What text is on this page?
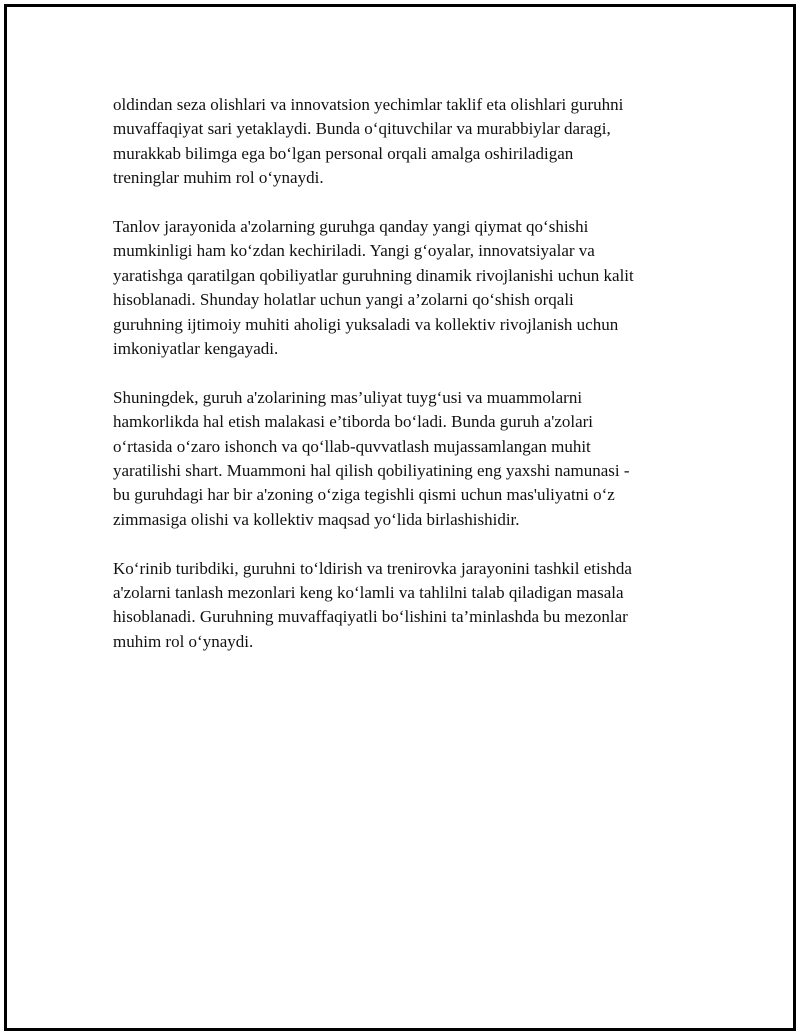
oldindan seza olishlari va innovatsion yechimlar taklif eta olishlari guruhni
muvaffaqiyat sari yetaklaydi. Bunda oʻqituvchilar va murabbiylar daragi,
murakkab bilimga ega boʻlgan personal orqali amalga oshiriladigan
treninglar muhim rol oʻynaydi.
Tanlov jarayonida a'zolarning guruhga qanday yangi qiymat qoʻshishi
mumkinligi ham koʻzdan kechiriladi. Yangi gʻoyalar, innovatsiyalar va
yaratishga qaratilgan qobiliyatlar guruhning dinamik rivojlanishi uchun kalit
hisoblanadi. Shunday holatlar uchun yangi a’zolarni qoʻshish orqali
guruhning ijtimoiy muhiti aholigi yuksaladi va kollektiv rivojlanish uchun
imkoniyatlar kengayadi.
Shuningdek, guruh a'zolarining mas’uliyat tuygʻusi va muammolarni
hamkorlikda hal etish malakasi e’tiborda boʻladi. Bunda guruh a'zolari
oʻrtasida oʻzaro ishonch va qoʻllab-quvvatlash mujassamlangan muhit
yaratilishi shart. Muammoni hal qilish qobiliyatining eng yaxshi namunasi -
bu guruhdagi har bir a'zoning oʻziga tegishli qismi uchun mas'uliyatni oʻz
zimmasiga olishi va kollektiv maqsad yoʻlida birlashishidir.
Koʻrinib turibdiki, guruhni toʻldirish va trenirovka jarayonini tashkil etishda
a'zolarni tanlash mezonlari keng koʻlamli va tahlilni talab qiladigan masala
hisoblanadi. Guruhning muvaffaqiyatli boʻlishini ta’minlashda bu mezonlar
muhim rol oʻynaydi.
